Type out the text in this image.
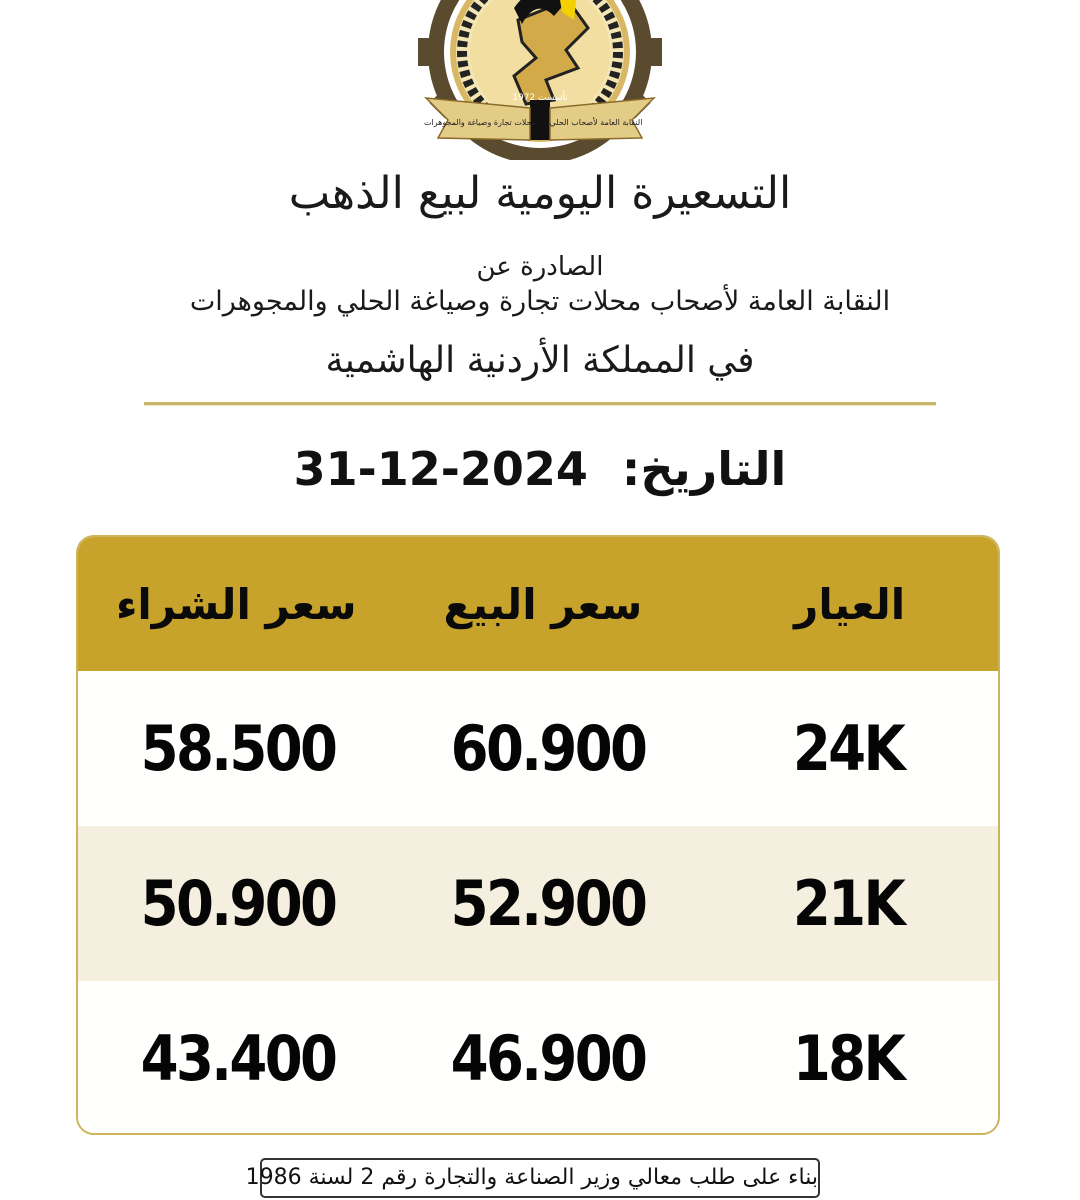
تأسست 1972
النقابة العامة لأصحاب الحلي
محلات تجارة وصياغة والمجوهرات
التسعيرة اليومية لبيع الذهب
الصادرة عن
النقابة العامة لأصحاب محلات تجارة وصياغة الحلي والمجوهرات
في المملكة الأردنية الهاشمية
التاريخ: 31-12-2024
العيار
سعر البيع
سعر الشراء
24K
60.900
58.500
21K
52.900
50.900
18K
46.900
43.400
بناء على طلب معالي وزير الصناعة والتجارة رقم 2 لسنة 1986
